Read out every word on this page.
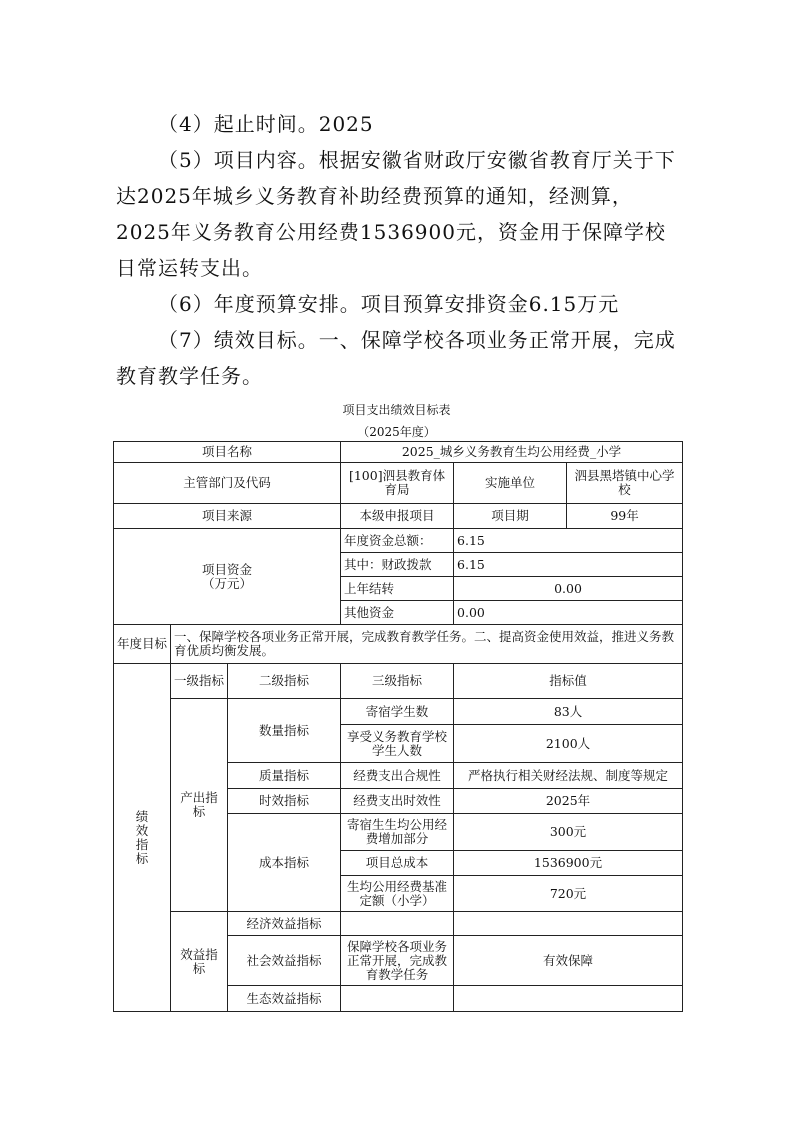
（4）起止时间。2025

（5）项目内容。根据安徽省财政厅安徽省教育厅关于下达2025年城乡义务教育补助经费预算的通知，经测算，2025年义务教育公用经费1536900元，资金用于保障学校日常运转支出。

（6）年度预算安排。项目预算安排资金6.15万元

（7）绩效目标。一、保障学校各项业务正常开展，完成教育教学任务。

项目支出绩效目标表
（2025年度）
项目名称			2025_城乡义务教育生均公用经费_小学		
主管部门及代码			[100]泗县教育体育局	实施单位	泗县黑塔镇中心学校
项目来源			本级申报项目	项目期	99年
项目资金
（万元）			年度资金总额：	6.15	
			其中：财政拨款	6.15	
			上年结转	0.00	
			其他资金	0.00	
年度目标	一、保障学校各项业务正常开展，完成教育教学任务。二、提高资金使用效益，推进义务教育优质均衡发展。				
绩效指标	一级指标	二级指标	三级指标	指标值	
	产出指标	数量指标	寄宿学生数	83人	
			享受义务教育学校学生人数	2100人	
		质量指标	经费支出合规性	严格执行相关财经法规、制度等规定	
		时效指标	经费支出时效性	2025年	
		成本指标	寄宿生生均公用经费增加部分	300元	
			项目总成本	1536900元	
			生均公用经费基准定额（小学）	720元	
	效益指标	经济效益指标			
		社会效益指标	保障学校各项业务正常开展，完成教育教学任务	有效保障	
		生态效益指标			
